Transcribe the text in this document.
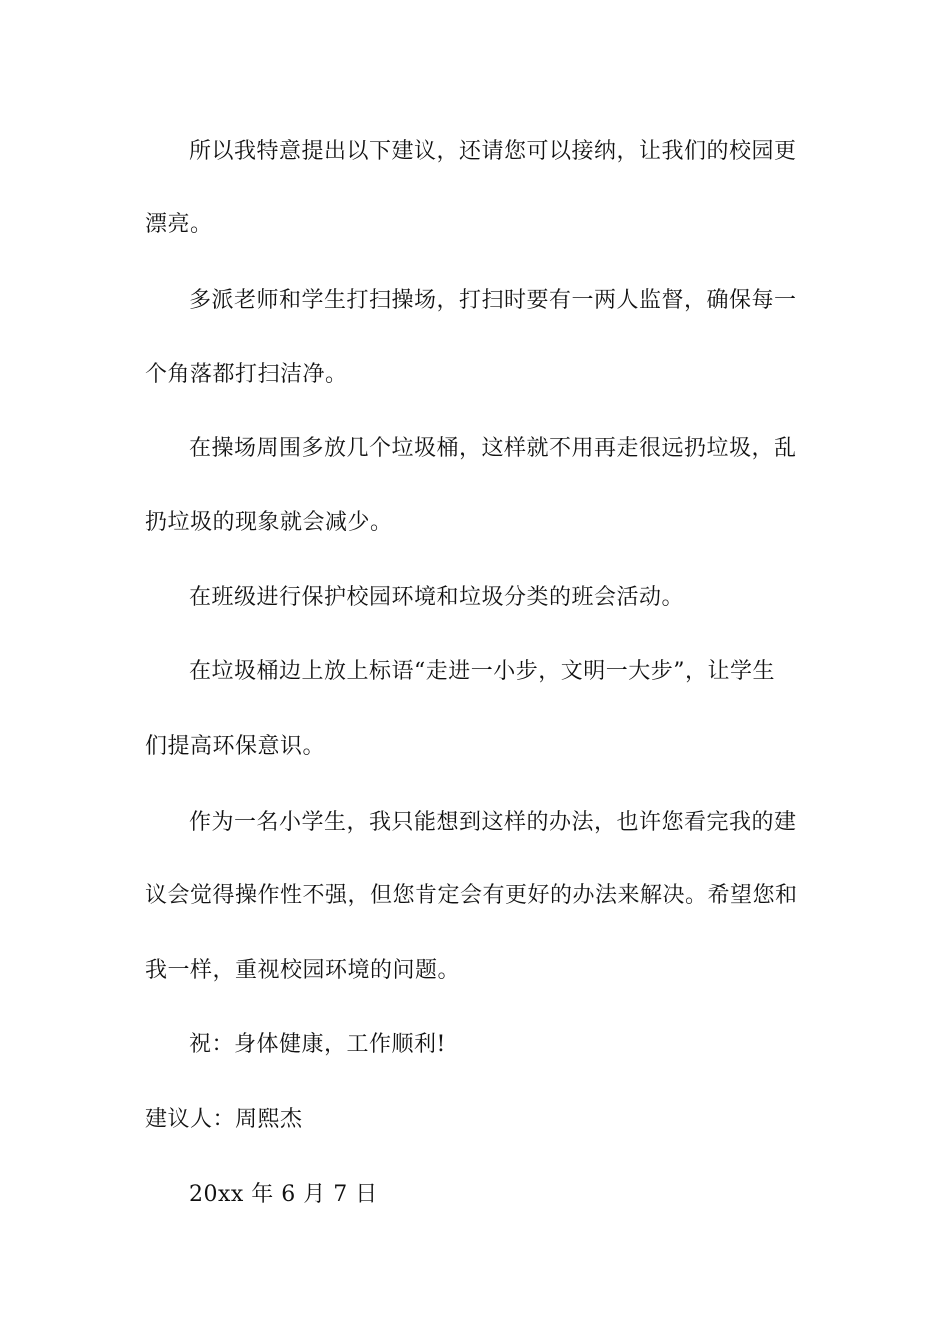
所以我特意提出以下建议，还请您可以接纳，让我们的校园更
漂亮。
多派老师和学生打扫操场，打扫时要有一两人监督，确保每一
个角落都打扫洁净。
在操场周围多放几个垃圾桶，这样就不用再走很远扔垃圾，乱
扔垃圾的现象就会减少。
在班级进行保护校园环境和垃圾分类的班会活动。
在垃圾桶边上放上标语“走进一小步，文明一大步”，让学生
们提高环保意识。
作为一名小学生，我只能想到这样的办法，也许您看完我的建
议会觉得操作性不强，但您肯定会有更好的办法来解决。希望您和
我一样，重视校园环境的问题。
祝：身体健康，工作顺利!
建议人：周熙杰
20xx 年 6 月 7 日
